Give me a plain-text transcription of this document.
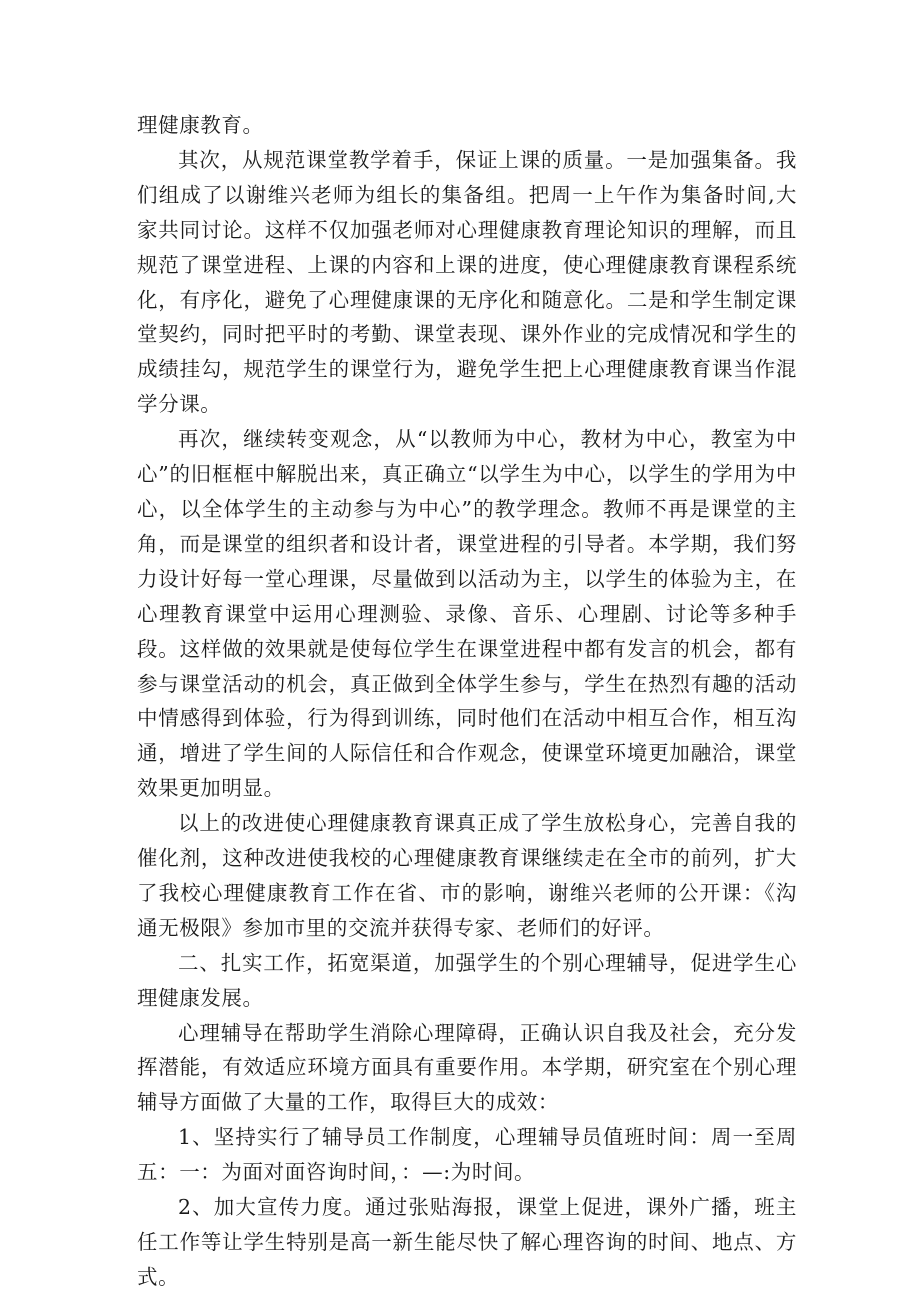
理健康教育。

其次，从规范课堂教学着手，保证上课的质量。一是加强集备。我们组成了以谢维兴老师为组长的集备组。把周一上午作为集备时间,大家共同讨论。这样不仅加强老师对心理健康教育理论知识的理解，而且规范了课堂进程、上课的内容和上课的进度，使心理健康教育课程系统化，有序化，避免了心理健康课的无序化和随意化。二是和学生制定课堂契约，同时把平时的考勤、课堂表现、课外作业的完成情况和学生的成绩挂勾，规范学生的课堂行为，避免学生把上心理健康教育课当作混学分课。

再次，继续转变观念，从“以教师为中心，教材为中心，教室为中心”的旧框框中解脱出来，真正确立“以学生为中心，以学生的学用为中心，以全体学生的主动参与为中心”的教学理念。教师不再是课堂的主角，而是课堂的组织者和设计者，课堂进程的引导者。本学期，我们努力设计好每一堂心理课，尽量做到以活动为主，以学生的体验为主，在心理教育课堂中运用心理测验、录像、音乐、心理剧、讨论等多种手段。这样做的效果就是使每位学生在课堂进程中都有发言的机会，都有参与课堂活动的机会，真正做到全体学生参与，学生在热烈有趣的活动中情感得到体验，行为得到训练，同时他们在活动中相互合作，相互沟通，增进了学生间的人际信任和合作观念，使课堂环境更加融洽，课堂效果更加明显。

以上的改进使心理健康教育课真正成了学生放松身心，完善自我的催化剂，这种改进使我校的心理健康教育课继续走在全市的前列，扩大了我校心理健康教育工作在省、市的影响，谢维兴老师的公开课：《沟通无极限》参加市里的交流并获得专家、老师们的好评。

二、扎实工作，拓宽渠道，加强学生的个别心理辅导，促进学生心理健康发展。

心理辅导在帮助学生消除心理障碍，正确认识自我及社会，充分发挥潜能，有效适应环境方面具有重要作用。本学期，研究室在个别心理辅导方面做了大量的工作，取得巨大的成效：

1、坚持实行了辅导员工作制度，心理辅导员值班时间：周一至周五：一：为面对面咨询时间，：—:为时间。

2、加大宣传力度。通过张贴海报，课堂上促进，课外广播，班主任工作等让学生特别是高一新生能尽快了解心理咨询的时间、地点、方式。
